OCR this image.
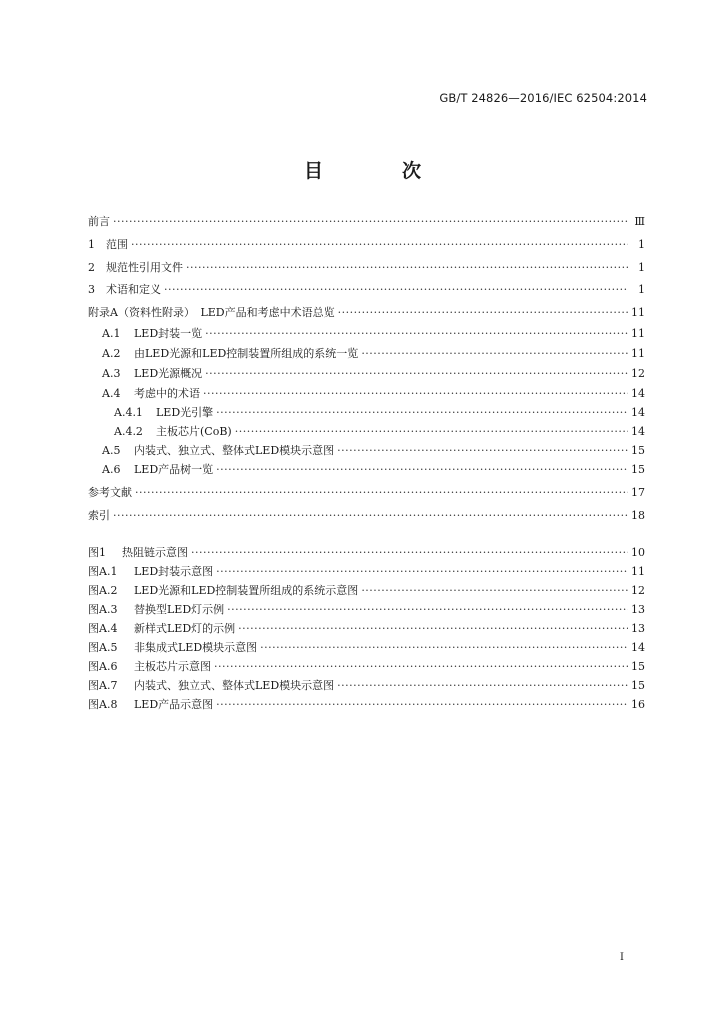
GB/T 24826—2016/IEC 62504:2014
目　次
前言 ·····	Ⅲ
1 范围 ·····	1
2 规范性引用文件 ·····	1
3 术语和定义 ·····	1
附录A（资料性附录）　LED产品和考虑中术语总览 ·····	11
A.1 LED封装一览 ·····	11
A.2 由LED光源和LED控制装置所组成的系统一览 ·····	11
A.3 LED光源概况 ·····	12
A.4 考虑中的术语 ·····	14
A.4.1 LED光引擎 ·····	14
A.4.2 主板芯片(CoB) ·····	14
A.5 内装式、独立式、整体式LED模块示意图 ·····	15
A.6 LED产品树一览 ·····	15
参考文献 ·····	17
索引 ·····	18
图1 热阻链示意图 ·····	10
图A.1 LED封装示意图 ·····	11
图A.2 LED光源和LED控制装置所组成的系统示意图 ·····	12
图A.3 替换型LED灯示例 ·····	13
图A.4 新样式LED灯的示例 ·····	13
图A.5 非集成式LED模块示意图 ·····	14
图A.6 主板芯片示意图 ·····	15
图A.7 内装式、独立式、整体式LED模块示意图 ·····	15
图A.8 LED产品示意图 ·····	16
I
